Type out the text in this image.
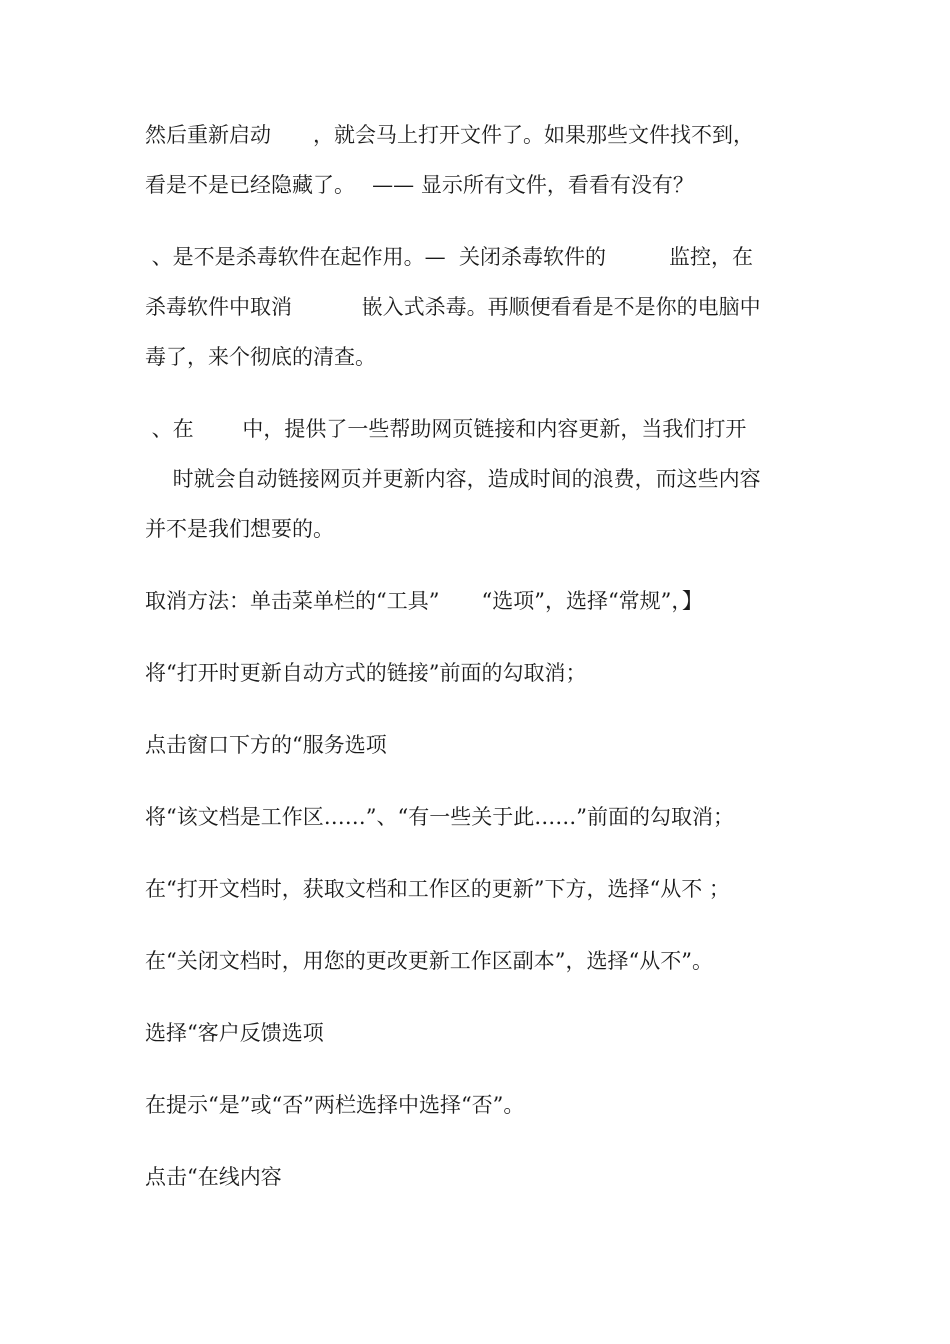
然后重新启动　　，就会马上打开文件了。如果那些文件找不到，
看是不是已经隐藏了。　 —— 显示所有文件，看看有没有？
、是不是杀毒软件在起作用。—  关闭杀毒软件的　　　监控，在
杀毒软件中取消　　　 嵌入式杀毒。再顺便看看是不是你的电脑中
毒了，来个彻底的清查。
、在　　 中，提供了一些帮助网页链接和内容更新，当我们打开
　 时就会自动链接网页并更新内容，造成时间的浪费，而这些内容
并不是我们想要的。
取消方法：单击菜单栏的“工具”　　“选项”，选择“常规”，】
将“打开时更新自动方式的链接”前面的勾取消；
点击窗口下方的“服务选项
将“该文档是工作区……”、“有一些关于此……”前面的勾取消；
在“打开文档时，获取文档和工作区的更新”下方，选择“从不 ；
在“关闭文档时，用您的更改更新工作区副本”，选择“从不”。
选择“客户反馈选项
在提示“是”或“否”两栏选择中选择“否”。
点击“在线内容
